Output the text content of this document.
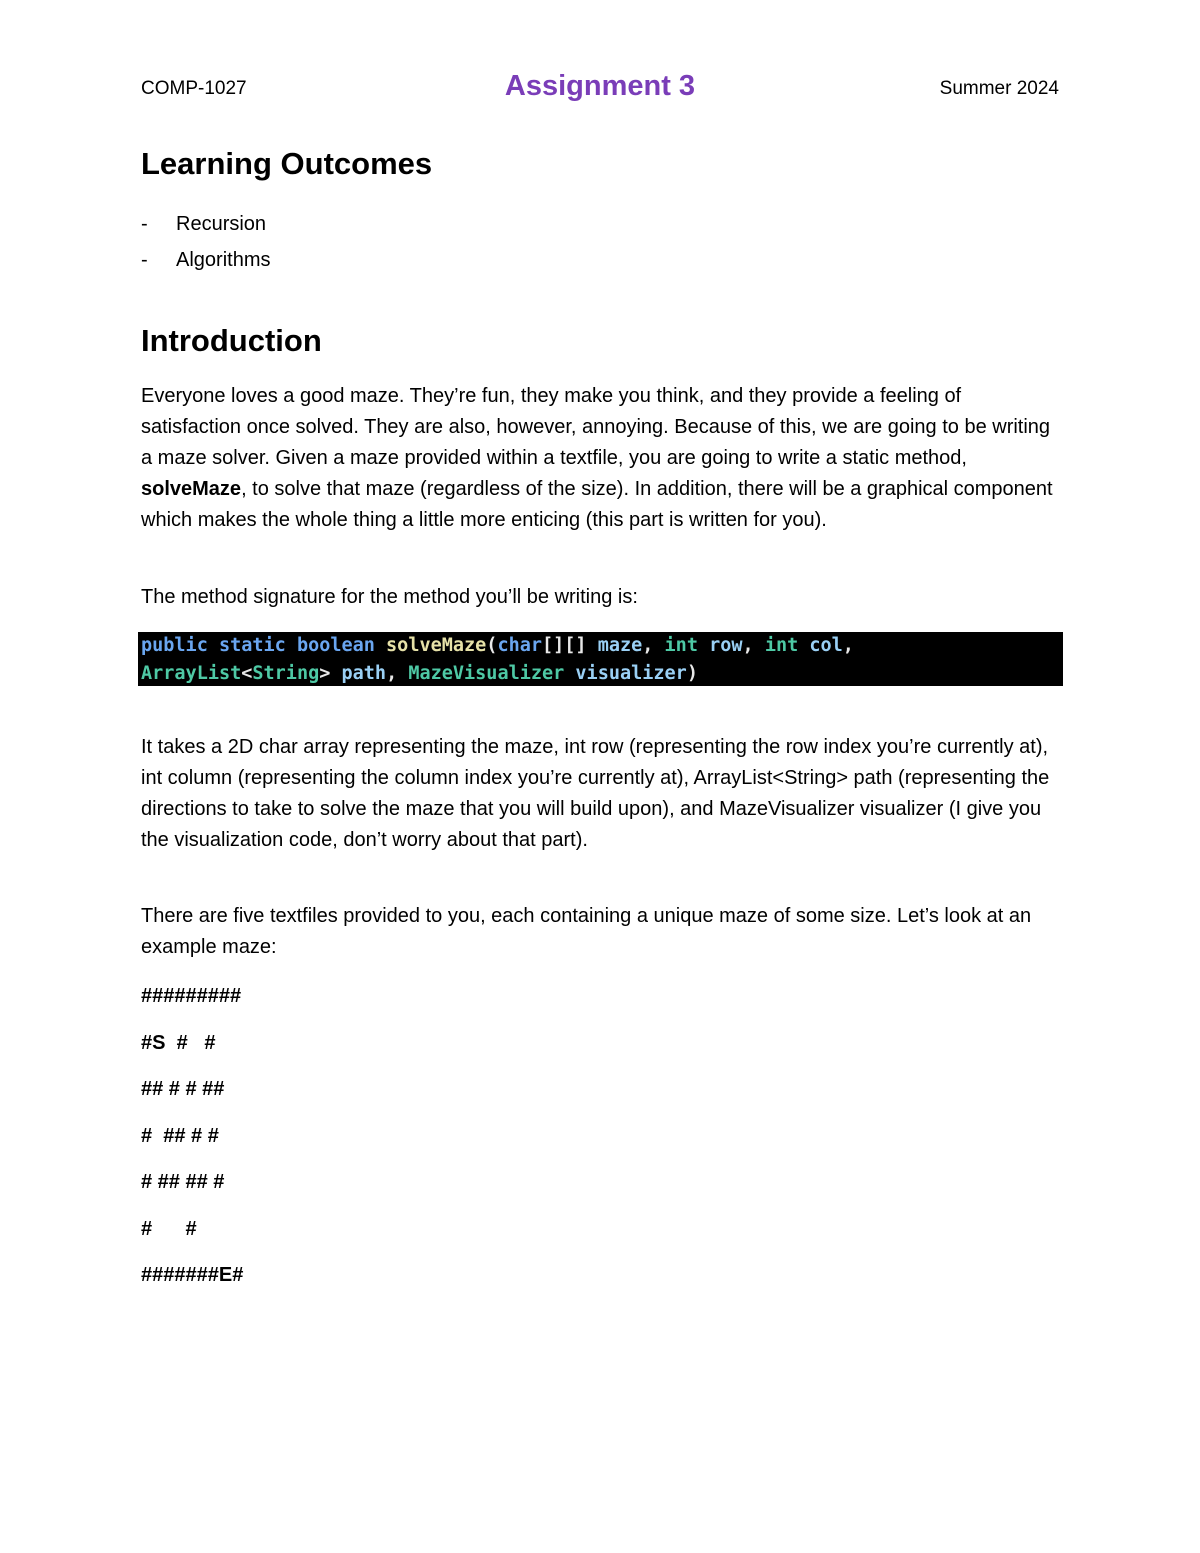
COMP-1027	Assignment 3	Summer 2024
Learning Outcomes
- Recursion
- Algorithms
Introduction

Everyone loves a good maze. They’re fun, they make you think, and they provide a feeling of satisfaction once solved. They are also, however, annoying. Because of this, we are going to be writing a maze solver. Given a maze provided within a textfile, you are going to write a static method, solveMaze, to solve that maze (regardless of the size). In addition, there will be a graphical component which makes the whole thing a little more enticing (this part is written for you).

The method signature for the method you’ll be writing is:

public static boolean solveMaze(char[][] maze, int row, int col,
ArrayList<String> path, MazeVisualizer visualizer)

It takes a 2D char array representing the maze, int row (representing the row index you’re currently at), int column (representing the column index you’re currently at), ArrayList<String> path (representing the directions to take to solve the maze that you will build upon), and MazeVisualizer visualizer (I give you the visualization code, don’t worry about that part).

There are five textfiles provided to you, each containing a unique maze of some size. Let’s look at an example maze:

#########
#S  #   #
## # # ##
#  ## # #
# ## ## #
#      #
#######E#
